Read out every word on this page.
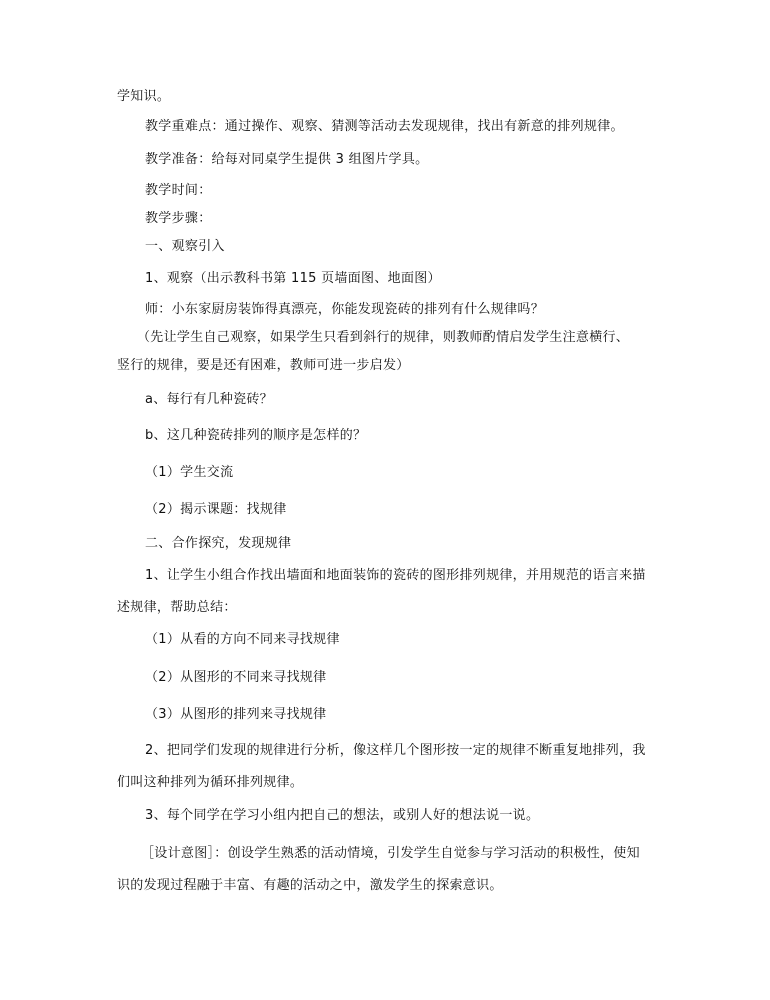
学知识。
教学重难点：通过操作、观察、猜测等活动去发现规律，找出有新意的排列规律。
教学准备：给每对同桌学生提供 3 组图片学具。
教学时间：
教学步骤：
一、观察引入
1、观察（出示教科书第 115 页墙面图、地面图）
师：小东家厨房装饰得真漂亮，你能发现瓷砖的排列有什么规律吗？
（先让学生自己观察，如果学生只看到斜行的规律，则教师酌情启发学生注意横行、
竖行的规律，要是还有困难，教师可进一步启发）
a、每行有几种瓷砖？
b、这几种瓷砖排列的顺序是怎样的？
（1）学生交流
（2）揭示课题：找规律
二、合作探究，发现规律
1、让学生小组合作找出墙面和地面装饰的瓷砖的图形排列规律，并用规范的语言来描
述规律，帮助总结：
（1）从看的方向不同来寻找规律
（2）从图形的不同来寻找规律
（3）从图形的排列来寻找规律
2、把同学们发现的规律进行分析，像这样几个图形按一定的规律不断重复地排列，我
们叫这种排列为循环排列规律。
3、每个同学在学习小组内把自己的想法，或别人好的想法说一说。
［设计意图］：创设学生熟悉的活动情境，引发学生自觉参与学习活动的积极性，使知
识的发现过程融于丰富、有趣的活动之中，激发学生的探索意识。
